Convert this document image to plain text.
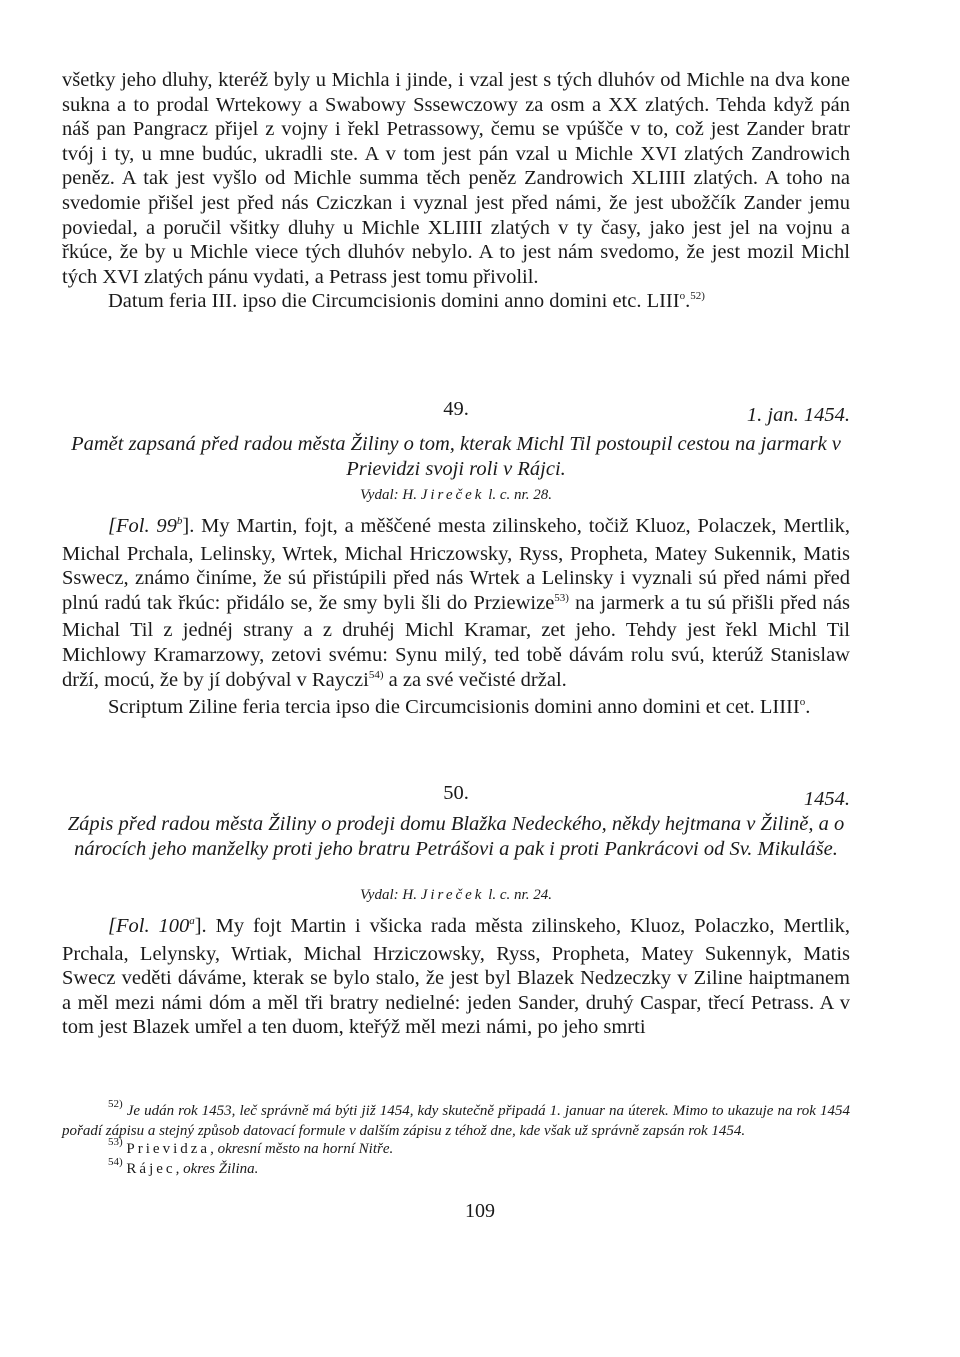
všetky jeho dluhy, kteréž byly u Michla i jinde, i vzal jest s tých dluhóv od Michle na dva kone sukna a to prodal Wrtekowy a Swabowy Sssewczowy za osm a XX zlatých. Tehda když pán náš pan Pangracz přijel z vojny i řekl Petrassowy, čemu se vpúšče v to, což jest Zander bratr tvój i ty, u mne budúc, ukradli ste. A v tom jest pán vzal u Michle XVI zlatých Zandrowich peněz. A tak jest vyšlo od Michle summa těch peněz Zandrowich XLIIII zlatých. A toho na svedomie přišel jest před nás Cziczkan i vyznal jest před námi, že jest ubožčík Zander jemu poviedal, a poručil všitky dluhy u Michle XLIIII zlatých v ty časy, jako jest jel na vojnu a řkúce, že by u Michle viece tých dluhóv nebylo. A to jest nám svedomo, že jest mozil Michl tých XVI zlatých pánu vydati, a Petrass jest tomu přivolil.

Datum feria III. ipso die Circumcisionis domini anno domini etc. LIII$^o$.$^{52)}$

49.	1. jan. 1454.
Pamět zapsaná před radou města Žiliny o tom, kterak Michl Til postoupil cestou na jarmark v Prievidzi svoji roli v Rájci.
Vydal: H. Jireček l. c. nr. 28.

[Fol. 99$^b$]. My Martin, fojt, a měščené mesta zilinskeho, točiž Kluoz, Polaczek, Mertlik, Michal Prchala, Lelinsky, Wrtek, Michal Hriczowsky, Ryss, Propheta, Matey Sukennik, Matis Sswecz, známo činíme, že sú přistúpili před nás Wrtek a Lelinsky i vyznali sú před námi před plnú radú tak řkúc: přidálo se, že smy byli šli do Prziewize$^{53)}$ na jarmerk a tu sú přišli před nás Michal Til z jednéj strany a z druhéj Michl Kramar, zet jeho. Tehdy jest řekl Michl Til Michlowy Kramarzowy, zetovi svému: Synu milý, ted tobě dávám rolu svú, kterúž Stanislaw drží, mocú, že by jí dobýval v Rayczi$^{54)}$ a za své večisté držal.

Scriptum Ziline feria tercia ipso die Circumcisionis domini anno domini et cet. LIIII$^o$.

50.	1454.
Zápis před radou města Žiliny o prodeji domu Blažka Nedeckého, někdy hejtmana v Žilině, a o nárocích jeho manželky proti jeho bratru Petrášovi a pak i proti Pankrácovi od Sv. Mikuláše.
Vydal: H. Jireček l. c. nr. 24.

[Fol. 100$^a$]. My fojt Martin i všicka rada města zilinskeho, Kluoz, Polaczko, Mertlik, Prchala, Lelynsky, Wrtiak, Michal Hrziczowsky, Ryss, Propheta, Matey Sukennyk, Matis Swecz veděti dáváme, kterak se bylo stalo, že jest byl Blazek Nedzeczky v Ziline haiptmanem a měl mezi námi dóm a měl tři bratry nedielné: jeden Sander, druhý Caspar, třecí Petrass. A v tom jest Blazek umřel a ten duom, kteřýž měl mezi námi, po jeho smrti

$^{52)}$ Je udán rok 1453, leč správně má býti již 1454, kdy skutečně připadá 1. januar na úterek. Mimo to ukazuje na rok 1454 pořadí zápisu a stejný způsob datovací formule v dalším zápisu z téhož dne, kde však už správně zapsán rok 1454.

$^{53)}$ Prievidza, okresní město na horní Nitře.

$^{54)}$ Rájec, okres Žilina.

109
